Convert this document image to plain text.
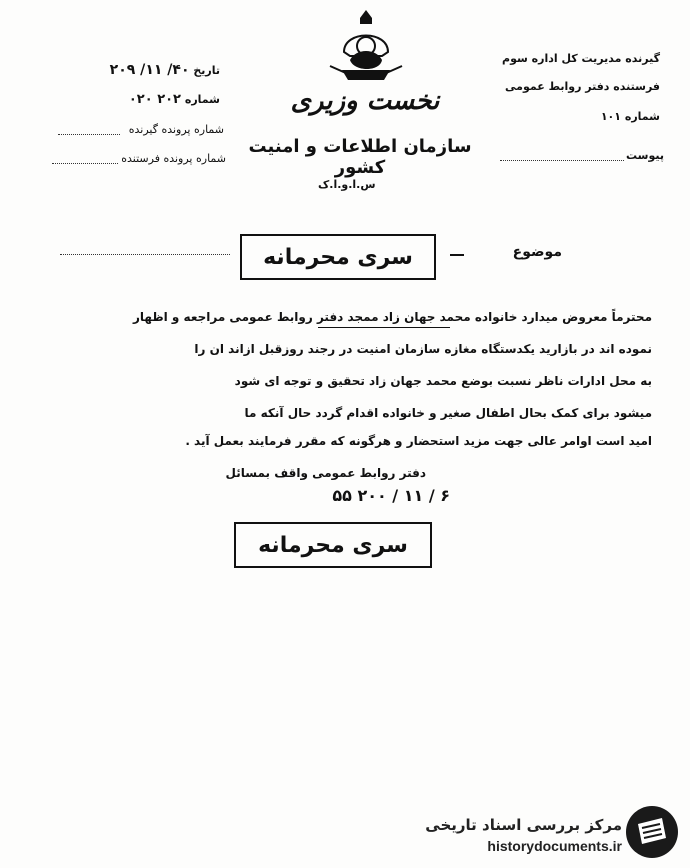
تاریخ ۴۰/ ۱۱/ ۲۰۹
شماره ۲۰۲ ۰۲۰
شماره پرونده گیرنده
شماره پرونده فرستنده
نخست وزیری
سازمان اطلاعات و امنیت کشور
س.ا.و.ا.ک
گیرنده مدیریت کل اداره سوم
فرستنده دفتر روابط عمومی
شماره ۱۰۱
پیوست
سری محرمانه	موضوع
محترماً معروض میدارد خانواده محمد جهان زاد ممجد دفتر روابط عمومی مراجعه و اظهار
نموده اند در بازارید یکدستگاه مغازه سازمان امنیت در رجند روزقبل ازاند ان را
به محل ادارات ناظر نسبت بوضع محمد جهان زاد تحقیق و توجه ای شود
میشود برای کمک بحال اطفال صغیر و خانواده اقدام گردد حال آنکه ما
امید است اوامر عالی جهت مزید استحضار و هرگونه که مقرر فرمایند بعمل آید .
دفتر روابط عمومی واقف بمسائل
۶ / ۱۱ / ۲۰۰ ۵۵
سری محرمانه
مرکز بررسی اسناد تاریخی
historydocuments.ir
